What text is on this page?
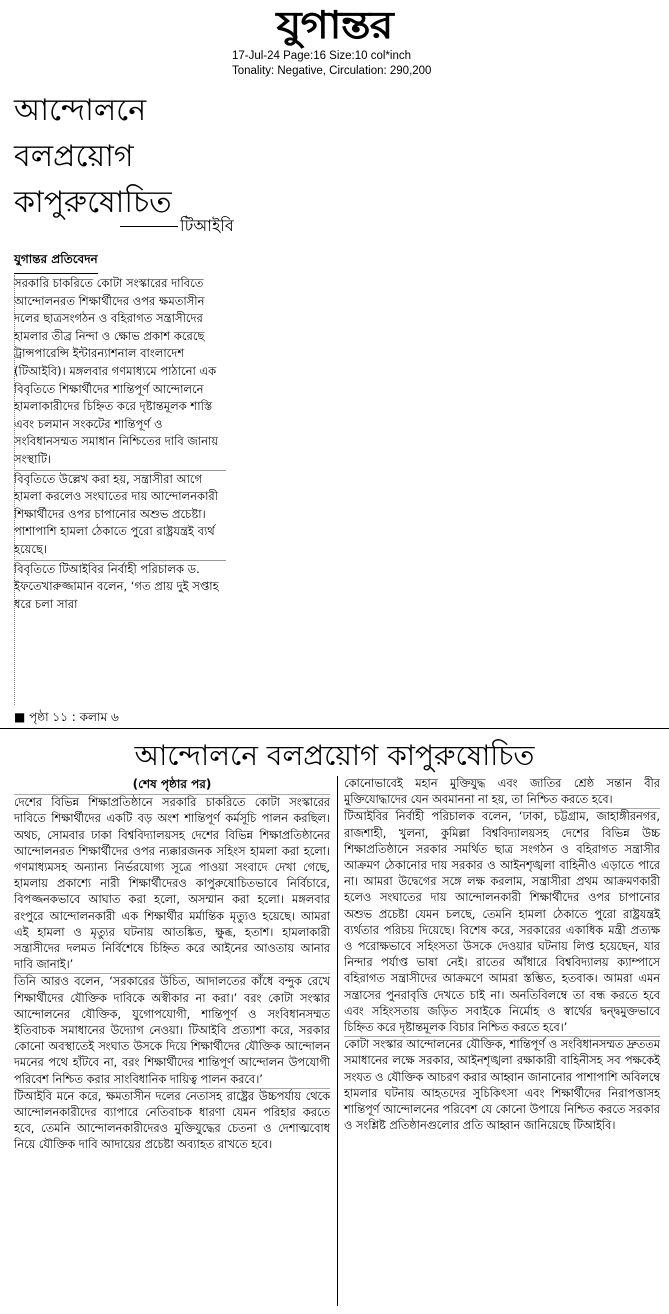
যুগান্তর
17-Jul-24 Page:16 Size:10 col*inch
Tonality: Negative, Circulation: 290,200
আন্দোলনে
বলপ্রয়োগ
কাপুরুষোচিত
টিআইবি
যুগান্তর প্রতিবেদন

সরকারি চাকরিতে কোটা সংস্কারের দাবিতে আন্দোলনরত শিক্ষার্থীদের ওপর ক্ষমতাসীন দলের ছাত্রসংগঠন ও বহিরাগত সন্ত্রাসীদের হামলার তীব্র নিন্দা ও ক্ষোভ প্রকাশ করেছে ট্রান্সপারেন্সি ইন্টারন্যাশনাল বাংলাদেশ (টিআইবি)। মঙ্গলবার গণমাধ্যমে পাঠানো এক বিবৃতিতে শিক্ষার্থীদের শান্তিপূর্ণ আন্দোলনে হামলাকারীদের চিহ্নিত করে দৃষ্টান্তমূলক শাস্তি এবং চলমান সংকটের শান্তিপূর্ণ ও সংবিধানসম্মত সমাধান নিশ্চিতের দাবি জানায় সংস্থাটি।

বিবৃতিতে উল্লেখ করা হয়, সন্ত্রাসীরা আগে হামলা করলেও সংঘাতের দায় আন্দোলনকারী শিক্ষার্থীদের ওপর চাপানোর অশুভ প্রচেষ্টা। পাশাপাশি হামলা ঠেকাতে পুরো রাষ্ট্রযন্ত্রই ব্যর্থ হয়েছে।

বিবৃতিতে টিআইবির নির্বাহী পরিচালক ড. ইফতেখারুজ্জামান বলেন, ‘গত প্রায় দুই সপ্তাহ ধরে চলা সারা

■ পৃষ্ঠা ১১ : কলাম ৬
আন্দোলনে বলপ্রয়োগ কাপুরুষোচিত

(শেষ পৃষ্ঠার পর)

দেশের বিভিন্ন শিক্ষাপ্রতিষ্ঠানে সরকারি চাকরিতে কোটা সংস্কারের দাবিতে শিক্ষার্থীদের একটি বড় অংশ শান্তিপূর্ণ কর্মসূচি পালন করছিল। অথচ, সোমবার ঢাকা বিশ্ববিদ্যালয়সহ দেশের বিভিন্ন শিক্ষাপ্রতিষ্ঠানের আন্দোলনরত শিক্ষার্থীদের ওপর ন্যক্কারজনক সহিংস হামলা করা হলো। গণমাধ্যমসহ অন্যান্য নির্ভরযোগ্য সূত্রে পাওয়া সংবাদে দেখা গেছে, হামলায় প্রকাশ্যে নারী শিক্ষার্থীদেরও কাপুরুষোচিতভাবে নির্বিচারে, বিপজ্জনকভাবে আঘাত করা হলো, অসম্মান করা হলো। মঙ্গলবার রংপুরে আন্দোলনকারী এক শিক্ষার্থীর মর্মান্তিক মৃত্যুও হয়েছে। আমরা এই হামলা ও মৃত্যুর ঘটনায় আতঙ্কিত, ক্ষুব্ধ, হতাশ। হামলাকারী সন্ত্রাসীদের দলমত নির্বিশেষে চিহ্নিত করে আইনের আওতায় আনার দাবি জানাই।’

তিনি আরও বলেন, ‘সরকারের উচিত, আদালতের কাঁধে বন্দুক রেখে শিক্ষার্থীদের যৌক্তিক দাবিকে অস্বীকার না করা।’ বরং কোটা সংস্কার আন্দোলনের যৌক্তিক, যুগোপযোগী, শান্তিপূর্ণ ও সংবিধানসম্মত ইতিবাচক সমাধানের উদ্যোগ নেওয়া। টিআইবি প্রত্যাশা করে, সরকার কোনো অবস্থাতেই সংঘাত উসকে দিয়ে শিক্ষার্থীদের যৌক্তিক আন্দোলন দমনের পথে হাঁটবে না, বরং শিক্ষার্থীদের শান্তিপূর্ণ আন্দোলন উপযোগী পরিবেশ নিশ্চিত করার সাংবিধানিক দায়িত্ব পালন করবে।’

টিআইবি মনে করে, ক্ষমতাসীন দলের নেতাসহ রাষ্ট্রের উচ্চপর্যায় থেকে আন্দোলনকারীদের ব্যাপারে নেতিবাচক ধারণা যেমন পরিহার করতে হবে, তেমনি আন্দোলনকারীদেরও মুক্তিযুদ্ধের চেতনা ও দেশাত্মবোধ নিয়ে যৌক্তিক দাবি আদায়ের প্রচেষ্টা অব্যাহত রাখতে হবে।

কোনোভাবেই মহান মুক্তিযুদ্ধ এবং জাতির শ্রেষ্ঠ সন্তান বীর মুক্তিযোদ্ধাদের যেন অবমাননা না হয়, তা নিশ্চিত করতে হবে।

টিআইবির নির্বাহী পরিচালক বলেন, ‘ঢাকা, চট্টগ্রাম, জাহাঙ্গীরনগর, রাজশাহী, খুলনা, কুমিল্লা বিশ্ববিদ্যালয়সহ দেশের বিভিন্ন উচ্চ শিক্ষাপ্রতিষ্ঠানে সরকার সমর্থিত ছাত্র সংগঠন ও বহিরাগত সন্ত্রাসীর আক্রমণ ঠেকানোর দায় সরকার ও আইনশৃঙ্খলা বাহিনীও এড়াতে পারে না। আমরা উদ্বেগের সঙ্গে লক্ষ করলাম, সন্ত্রাসীরা প্রথম আক্রমণকারী হলেও সংঘাতের দায় আন্দোলনকারী শিক্ষার্থীদের ওপর চাপানোর অশুভ প্রচেষ্টা যেমন চলছে, তেমনি হামলা ঠেকাতে পুরো রাষ্ট্রযন্ত্রই ব্যর্থতার পরিচয় দিয়েছে। বিশেষ করে, সরকারের একাধিক মন্ত্রী প্রত্যক্ষ ও পরোক্ষভাবে সহিংসতা উসকে দেওয়ার ঘটনায় লিপ্ত হয়েছেন, যার নিন্দার পর্যাপ্ত ভাষা নেই। রাতের আঁধারে বিশ্ববিদ্যালয় ক্যাম্পাসে বহিরাগত সন্ত্রাসীদের আক্রমণে আমরা স্তম্ভিত, হতবাক। আমরা এমন সন্ত্রাসের পুনরাবৃত্তি দেখতে চাই না। অনতিবিলম্বে তা বন্ধ করতে হবে এবং সহিংসতায় জড়িত সবাইকে নির্মোহ ও স্বার্থের দ্বন্দ্বমুক্তভাবে চিহ্নিত করে দৃষ্টান্তমূলক বিচার নিশ্চিত করতে হবে।’

কোটা সংস্কার আন্দোলনের যৌক্তিক, শান্তিপূর্ণ ও সংবিধানসম্মত দ্রুততম সমাধানের লক্ষে সরকার, আইনশৃঙ্খলা রক্ষাকারী বাহিনীসহ সব পক্ষকেই সংযত ও যৌক্তিক আচরণ করার আহ্বান জানানোর পাশাপাশি অবিলম্বে হামলার ঘটনায় আহতদের সুচিকিৎসা এবং শিক্ষার্থীদের নিরাপত্তাসহ শান্তিপূর্ণ আন্দোলনের পরিবেশ যে কোনো উপায়ে নিশ্চিত করতে সরকার ও সংশ্লিষ্ট প্রতিষ্ঠানগুলোর প্রতি আহ্বান জানিয়েছে টিআইবি।
